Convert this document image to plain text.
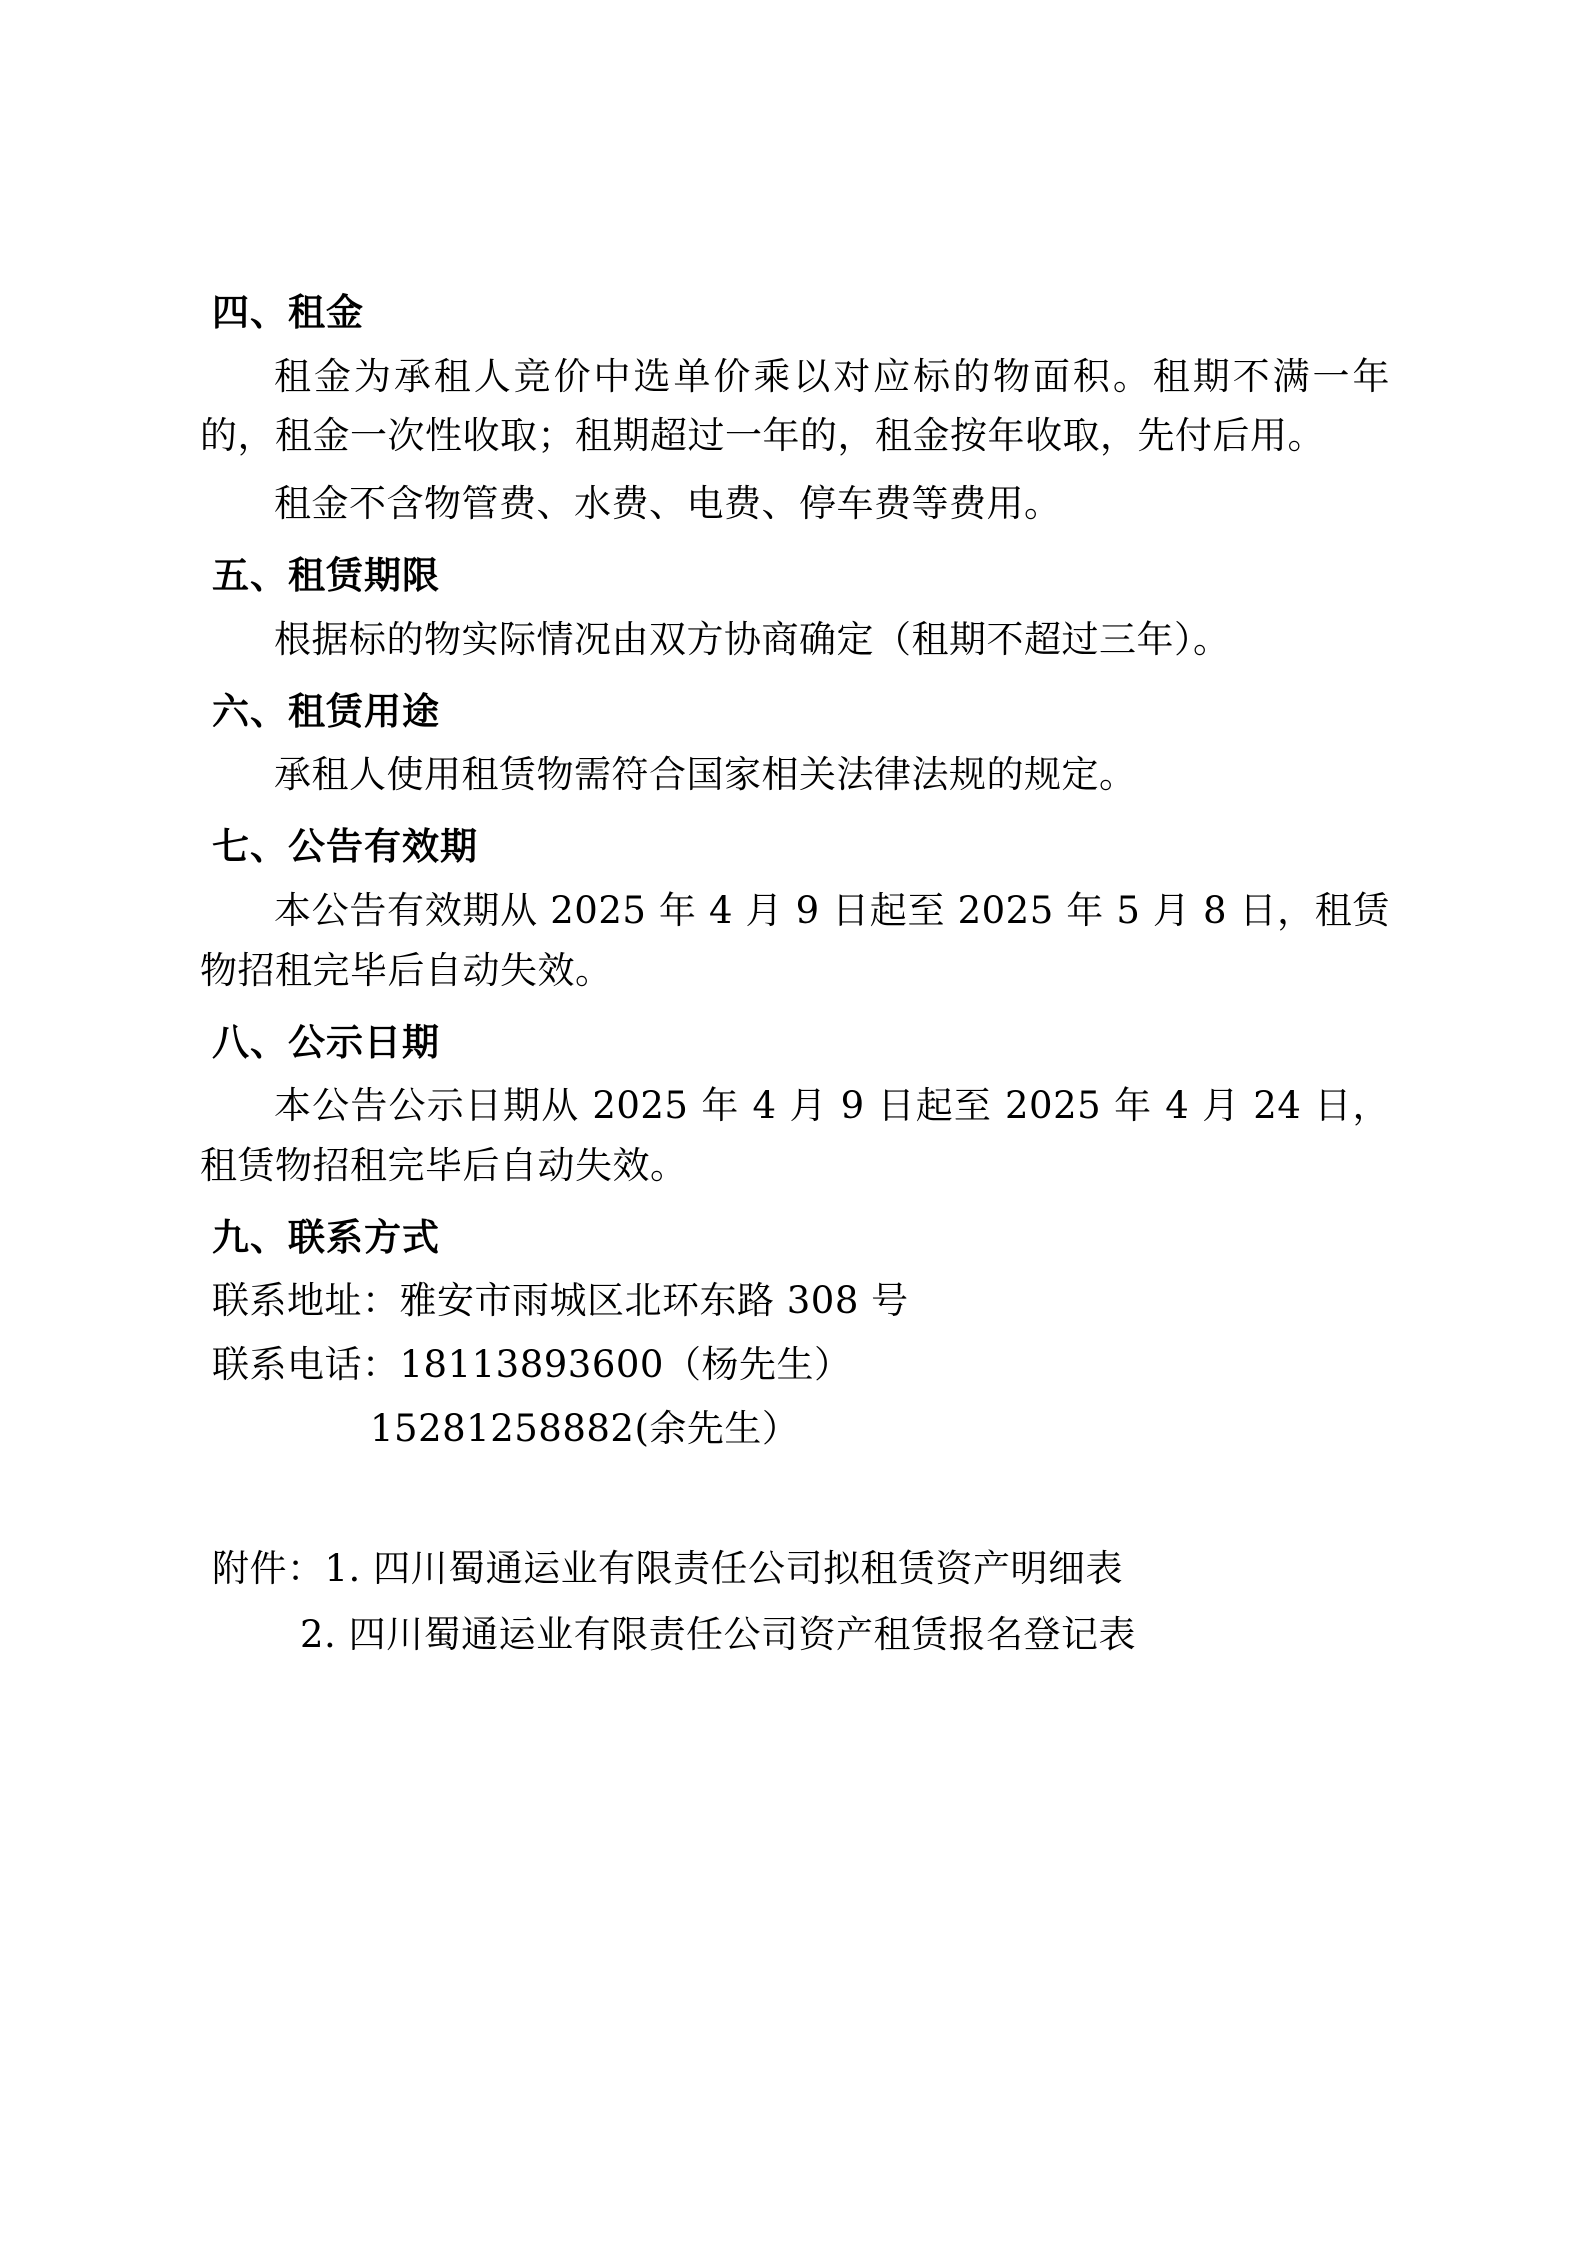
四、租金

租金为承租人竞价中选单价乘以对应标的物面积。租期不满一年的，租金一次性收取；租期超过一年的，租金按年收取，先付后用。

租金不含物管费、水费、电费、停车费等费用。

五、租赁期限

根据标的物实际情况由双方协商确定（租期不超过三年）。

六、租赁用途

承租人使用租赁物需符合国家相关法律法规的规定。

七、公告有效期

本公告有效期从 2025 年 4 月 9 日起至 2025 年 5 月 8 日，租赁物招租完毕后自动失效。

八、公示日期

本公告公示日期从 2025 年 4 月 9 日起至 2025 年 4 月 24 日，租赁物招租完毕后自动失效。

九、联系方式

联系地址：雅安市雨城区北环东路 308 号

联系电话：18113893600（杨先生）

15281258882(余先生）

附件：1. 四川蜀通运业有限责任公司拟租赁资产明细表

2. 四川蜀通运业有限责任公司资产租赁报名登记表
